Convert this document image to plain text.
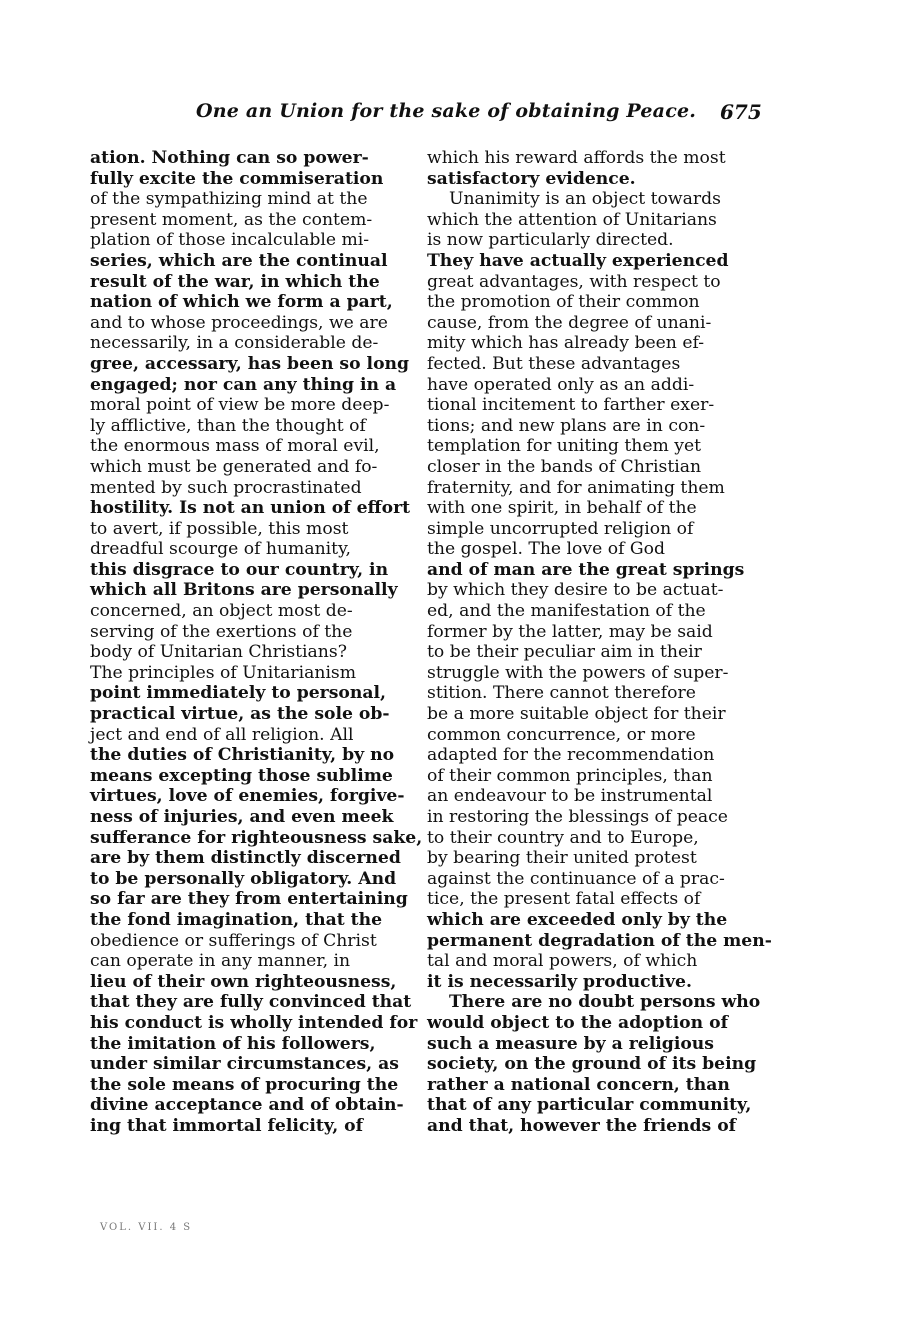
One an Union for the sake of obtaining Peace. 675
ation. Nothing can so power-
fully excite the commiseration
of the sympathizing mind at the
present moment, as the contem-
plation of those incalculable mi-
series, which are the continual
result of the war, in which the
nation of which we form a part,
and to whose proceedings, we are
necessarily, in a considerable de-
gree, accessary, has been so long
engaged; nor can any thing in a
moral point of view be more deep-
ly afflictive, than the thought of
the enormous mass of moral evil,
which must be generated and fo-
mented by such procrastinated
hostility. Is not an union of effort
to avert, if possible, this most
dreadful scourge of humanity,
this disgrace to our country, in
which all Britons are personally
concerned, an object most de-
serving of the exertions of the
body of Unitarian Christians?
The principles of Unitarianism
point immediately to personal,
practical virtue, as the sole ob-
ject and end of all religion. All
the duties of Christianity, by no
means excepting those sublime
virtues, love of enemies, forgive-
ness of injuries, and even meek
sufferance for righteousness sake,
are by them distinctly discerned
to be personally obligatory. And
so far are they from entertaining
the fond imagination, that the
obedience or sufferings of Christ
can operate in any manner, in
lieu of their own righteousness,
that they are fully convinced that
his conduct is wholly intended for
the imitation of his followers,
under similar circumstances, as
the sole means of procuring the
divine acceptance and of obtain-
ing that immortal felicity, of
which his reward affords the most
satisfactory evidence.
Unanimity is an object towards
which the attention of Unitarians
is now particularly directed.
They have actually experienced
great advantages, with respect to
the promotion of their common
cause, from the degree of unani-
mity which has already been ef-
fected. But these advantages
have operated only as an addi-
tional incitement to farther exer-
tions; and new plans are in con-
templation for uniting them yet
closer in the bands of Christian
fraternity, and for animating them
with one spirit, in behalf of the
simple uncorrupted religion of
the gospel. The love of God
and of man are the great springs
by which they desire to be actuat-
ed, and the manifestation of the
former by the latter, may be said
to be their peculiar aim in their
struggle with the powers of super-
stition. There cannot therefore
be a more suitable object for their
common concurrence, or more
adapted for the recommendation
of their common principles, than
an endeavour to be instrumental
in restoring the blessings of peace
to their country and to Europe,
by bearing their united protest
against the continuance of a prac-
tice, the present fatal effects of
which are exceeded only by the
permanent degradation of the men-
tal and moral powers, of which
it is necessarily productive.
There are no doubt persons who
would object to the adoption of
such a measure by a religious
society, on the ground of its being
rather a national concern, than
that of any particular community,
and that, however the friends of
VOL. VII. 4 S
